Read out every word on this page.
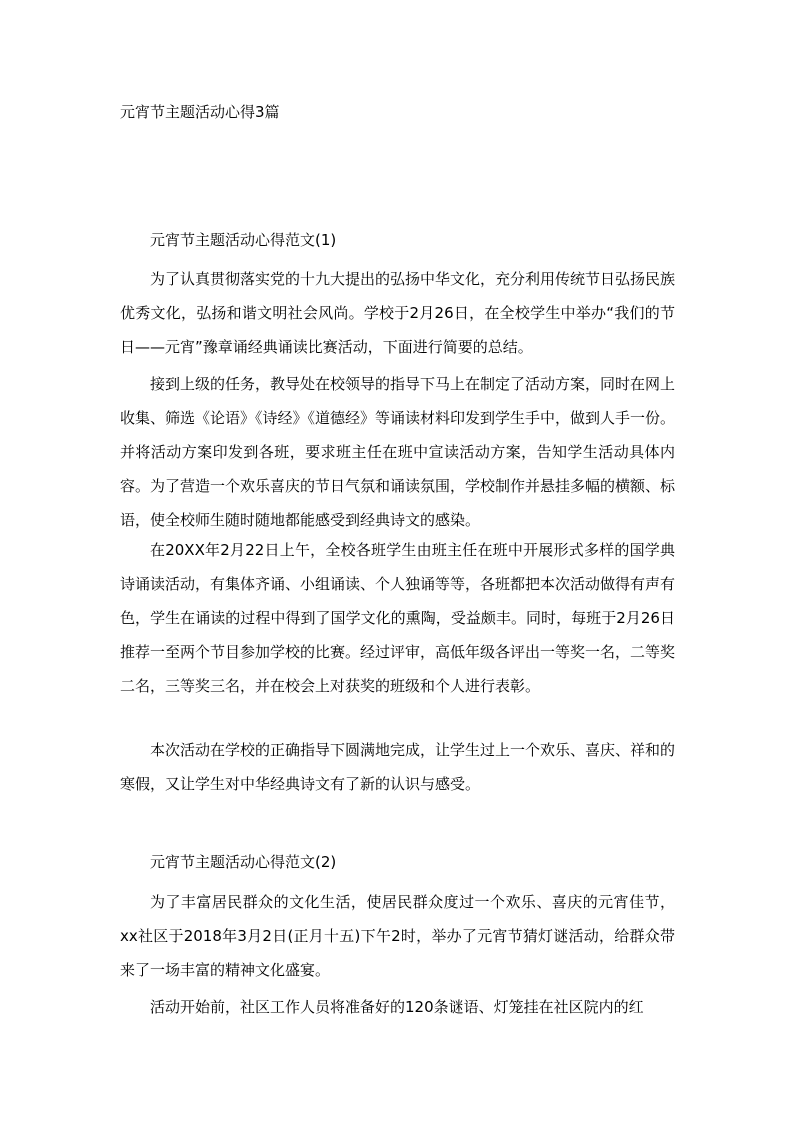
元宵节主题活动心得3篇
元宵节主题活动心得范文(1)

为了认真贯彻落实党的十九大提出的弘扬中华文化，充分利用传统节日弘扬民族优秀文化，弘扬和谐文明社会风尚。学校于2月26日，在全校学生中举办“我们的节日——元宵”豫章诵经典诵读比赛活动，下面进行简要的总结。

接到上级的任务，教导处在校领导的指导下马上在制定了活动方案，同时在网上收集、筛选《论语》《诗经》《道德经》等诵读材料印发到学生手中，做到人手一份。并将活动方案印发到各班，要求班主任在班中宣读活动方案，告知学生活动具体内容。为了营造一个欢乐喜庆的节日气氛和诵读氛围，学校制作并悬挂多幅的横额、标语，使全校师生随时随地都能感受到经典诗文的感染。

在20XX年2月22日上午，全校各班学生由班主任在班中开展形式多样的国学典诗诵读活动，有集体齐诵、小组诵读、个人独诵等等，各班都把本次活动做得有声有色，学生在诵读的过程中得到了国学文化的熏陶，受益颇丰。同时，每班于2月26日推荐一至两个节目参加学校的比赛。经过评审，高低年级各评出一等奖一名，二等奖二名，三等奖三名，并在校会上对获奖的班级和个人进行表彰。

本次活动在学校的正确指导下圆满地完成，让学生过上一个欢乐、喜庆、祥和的寒假，又让学生对中华经典诗文有了新的认识与感受。

元宵节主题活动心得范文(2)

为了丰富居民群众的文化生活，使居民群众度过一个欢乐、喜庆的元宵佳节，xx社区于2018年3月2日(正月十五)下午2时，举办了元宵节猜灯谜活动，给群众带来了一场丰富的精神文化盛宴。

活动开始前，社区工作人员将准备好的120条谜语、灯笼挂在社区院内的红
